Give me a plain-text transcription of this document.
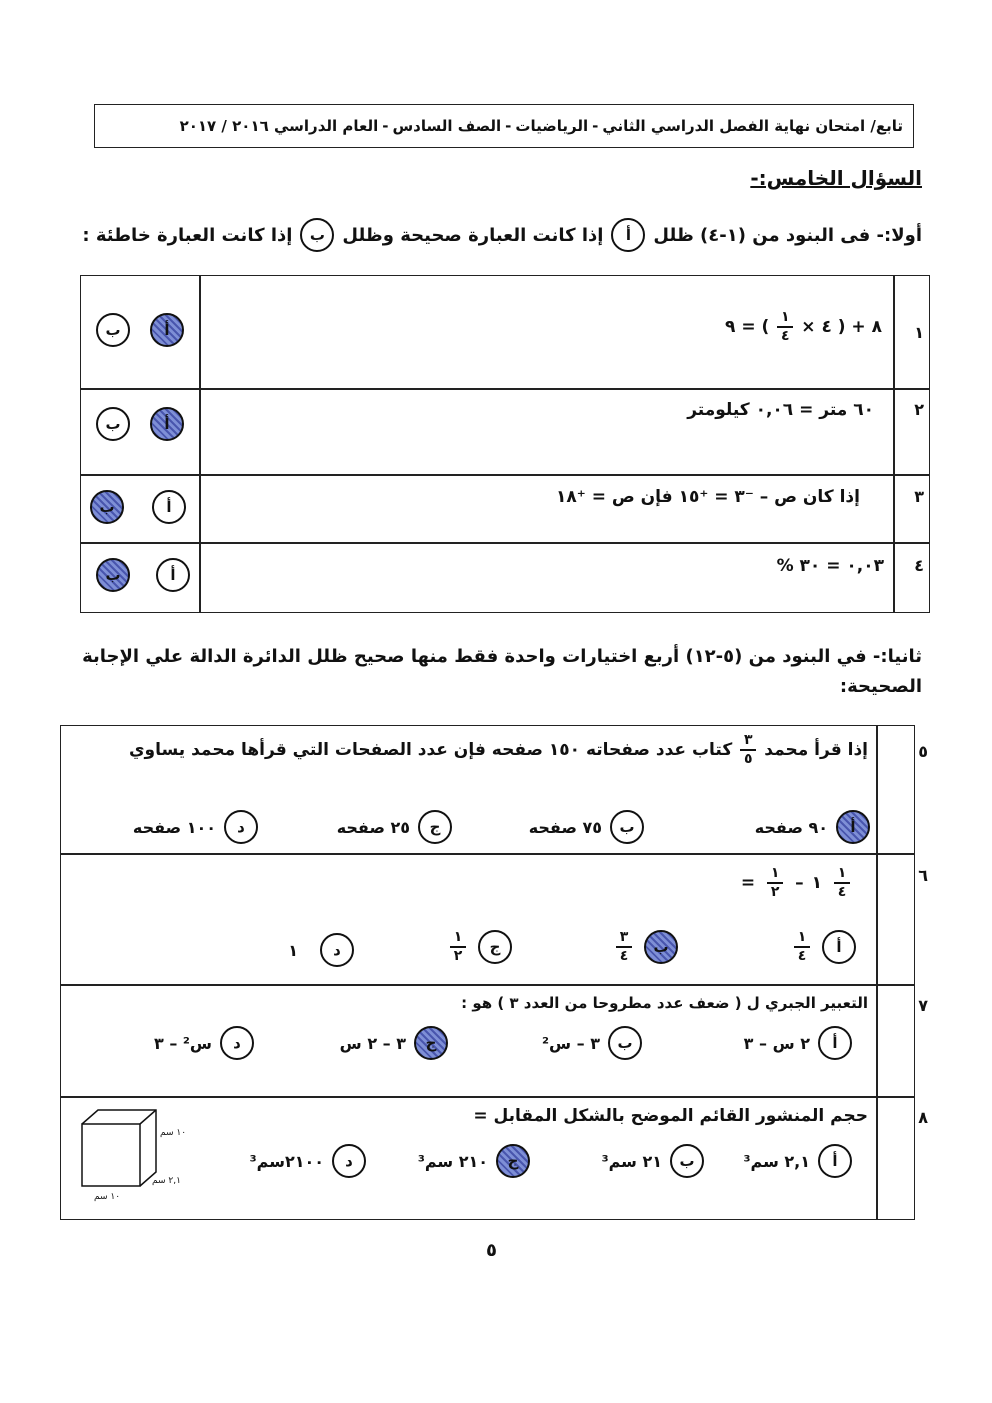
تابع/ امتحان نهاية الفصل الدراسي الثاني
-
الرياضيات
-
الصف السادس
-
العام الدراسي ٢٠١٦ / ٢٠١٧
السؤال الخامس:-
أولا:- فى البنود من (١-٤) ظلل
أ
إذا كانت العبارة صحيحة وظلل
ب
إذا كانت العبارة خاطئة :
١
٨ + ( ٤ ×
$\frac{١}{٤}$
) = ٩
أ
ب
٢
٦٠ متر = ٠,٠٦ كيلومتر
أ
ب
٣
إذا كان ص – ⁻٣ = ⁺١٥ فإن ص = ⁺١٨
أ
ب
٤
٠,٠٣ = ٣٠ %
أ
ب
ثانيا:- في البنود من (٥-١٢) أربع اختيارات واحدة فقط منها صحيح ظلل الدائرة الدالة علي الإجابة
الصحيحة:
٥
إذا قرأ محمد
$\frac{٣}{٥}$
كتاب عدد صفحاته ١٥٠ صفحه فإن عدد الصفحات التي قرأها محمد يساوي
أ
٩٠ صفحه
ب
٧٥ صفحه
ج
٢٥ صفحه
د
١٠٠ صفحه
٦
$\frac{١}{٤}$
١
–
$\frac{١}{٢}$
=
أ
$\frac{١}{٤}$
ب
$\frac{٣}{٤}$
ج
$\frac{١}{٢}$
د
١
٧
التعبير الجبري ل ( ضعف عدد مطروحا من العدد ٣ ) هو :
أ
٢ س – ٣
ب
٣ – س²
ج
٣ – ٢ س
د
س² – ٣
٨
حجم المنشور القائم الموضح بالشكل المقابل =
أ
٢,١ سم³
ب
٢١ سم³
ج
٢١٠ سم³
د
٢١٠٠سم³
١٠ سم
٢,١ سم
١٠ سم
٥
